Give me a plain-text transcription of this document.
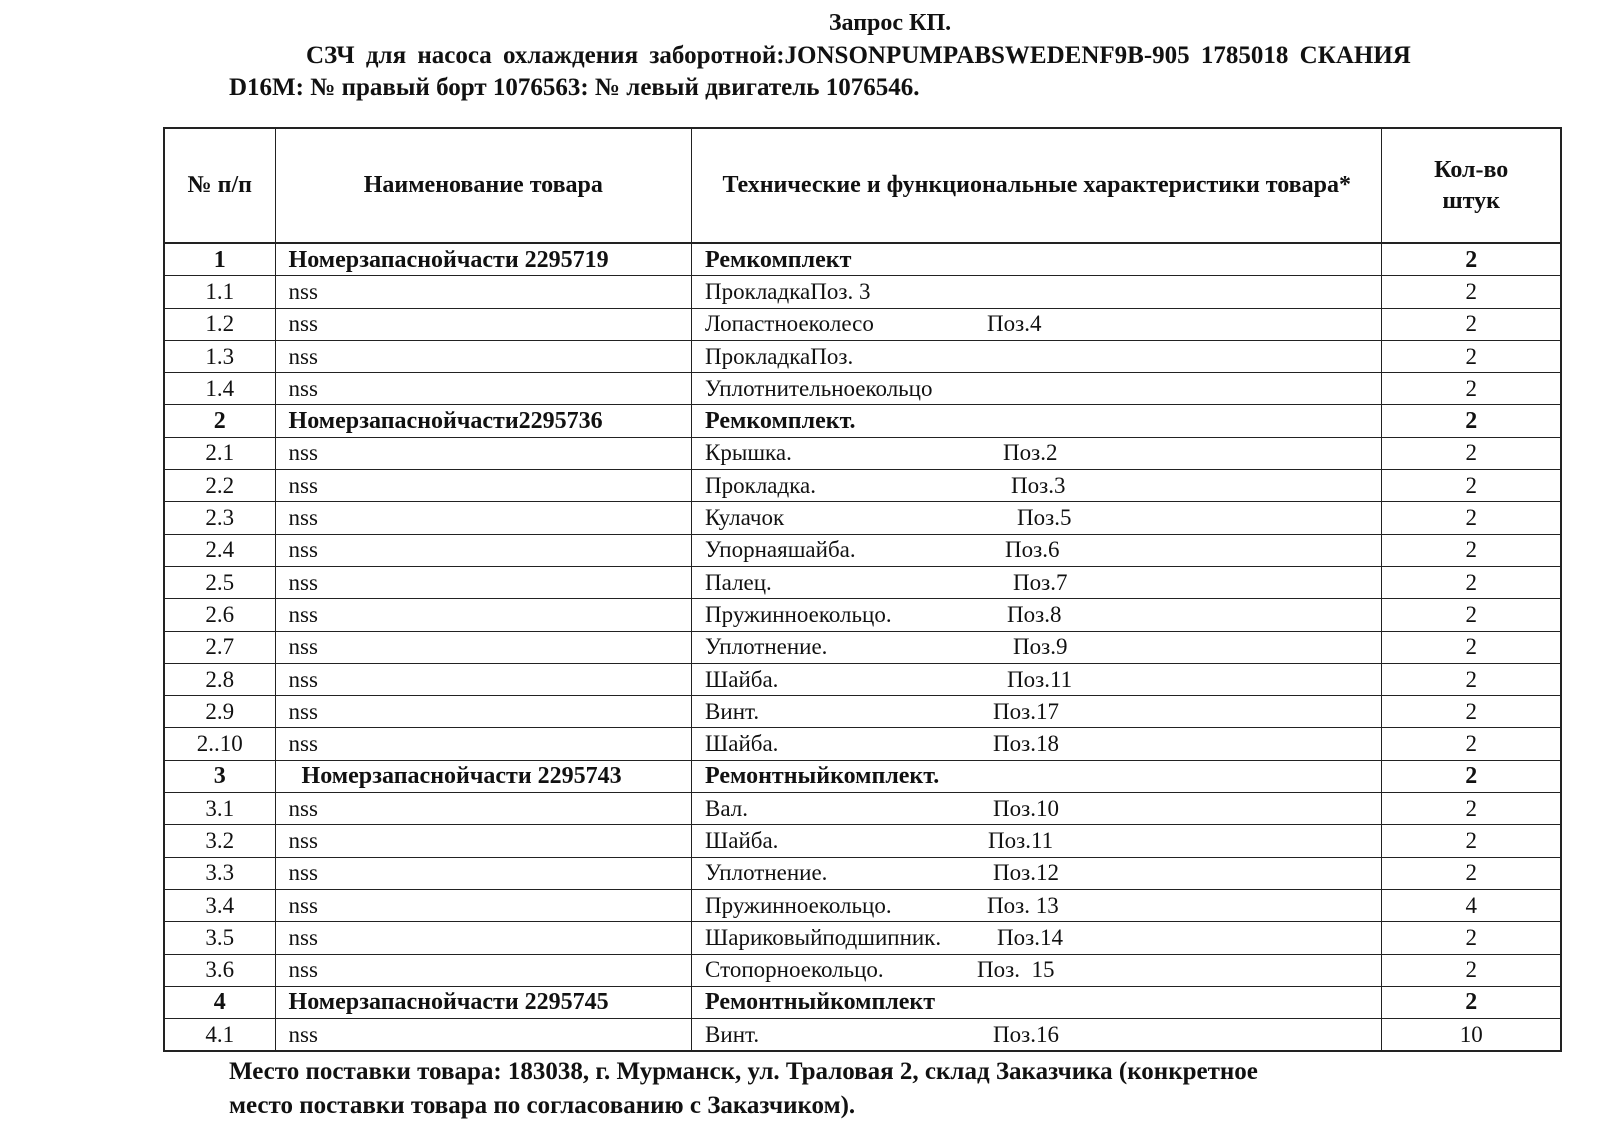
Запрос КП.
СЗЧ для насоса охлаждения заборотной:JONSONPUMPABSWEDENF9B-905 1785018 СКАНИЯ
D16M: № правый борт 1076563: № левый двигатель 1076546.
№ п/п	Наименование товара	Технические и функциональные характеристики товара*	Кол-во штук
1	Номерзапаснойчасти 2295719	Ремкомплект	2
1.1	nss	ПрокладкаПоз. 3	2
1.2	nss	Лопастноеколесо Поз.4	2
1.3	nss	ПрокладкаПоз.	2
1.4	nss	Уплотнительноекольцо	2
2	Номерзапаснойчасти2295736	Ремкомплект.	2
2.1	nss	Крышка. Поз.2	2
2.2	nss	Прокладка. Поз.3	2
2.3	nss	Кулачок Поз.5	2
2.4	nss	Упорнаяшайба. Поз.6	2
2.5	nss	Палец. Поз.7	2
2.6	nss	Пружинноекольцо. Поз.8	2
2.7	nss	Уплотнение. Поз.9	2
2.8	nss	Шайба. Поз.11	2
2.9	nss	Винт. Поз.17	2
2..10	nss	Шайба. Поз.18	2
3	Номерзапаснойчасти 2295743	Ремонтныйкомплект.	2
3.1	nss	Вал. Поз.10	2
3.2	nss	Шайба. Поз.11	2
3.3	nss	Уплотнение. Поз.12	2
3.4	nss	Пружинноекольцо. Поз. 13	4
3.5	nss	Шариковыйподшипник. Поз.14	2
3.6	nss	Стопорноекольцо. Поз.  15	2
4	Номерзапаснойчасти 2295745	Ремонтныйкомплект	2
4.1	nss	Винт. Поз.16	10
Место поставки товара: 183038, г. Мурманск, ул. Траловая 2, склад Заказчика (конкретное
место поставки товара по согласованию с Заказчиком).
